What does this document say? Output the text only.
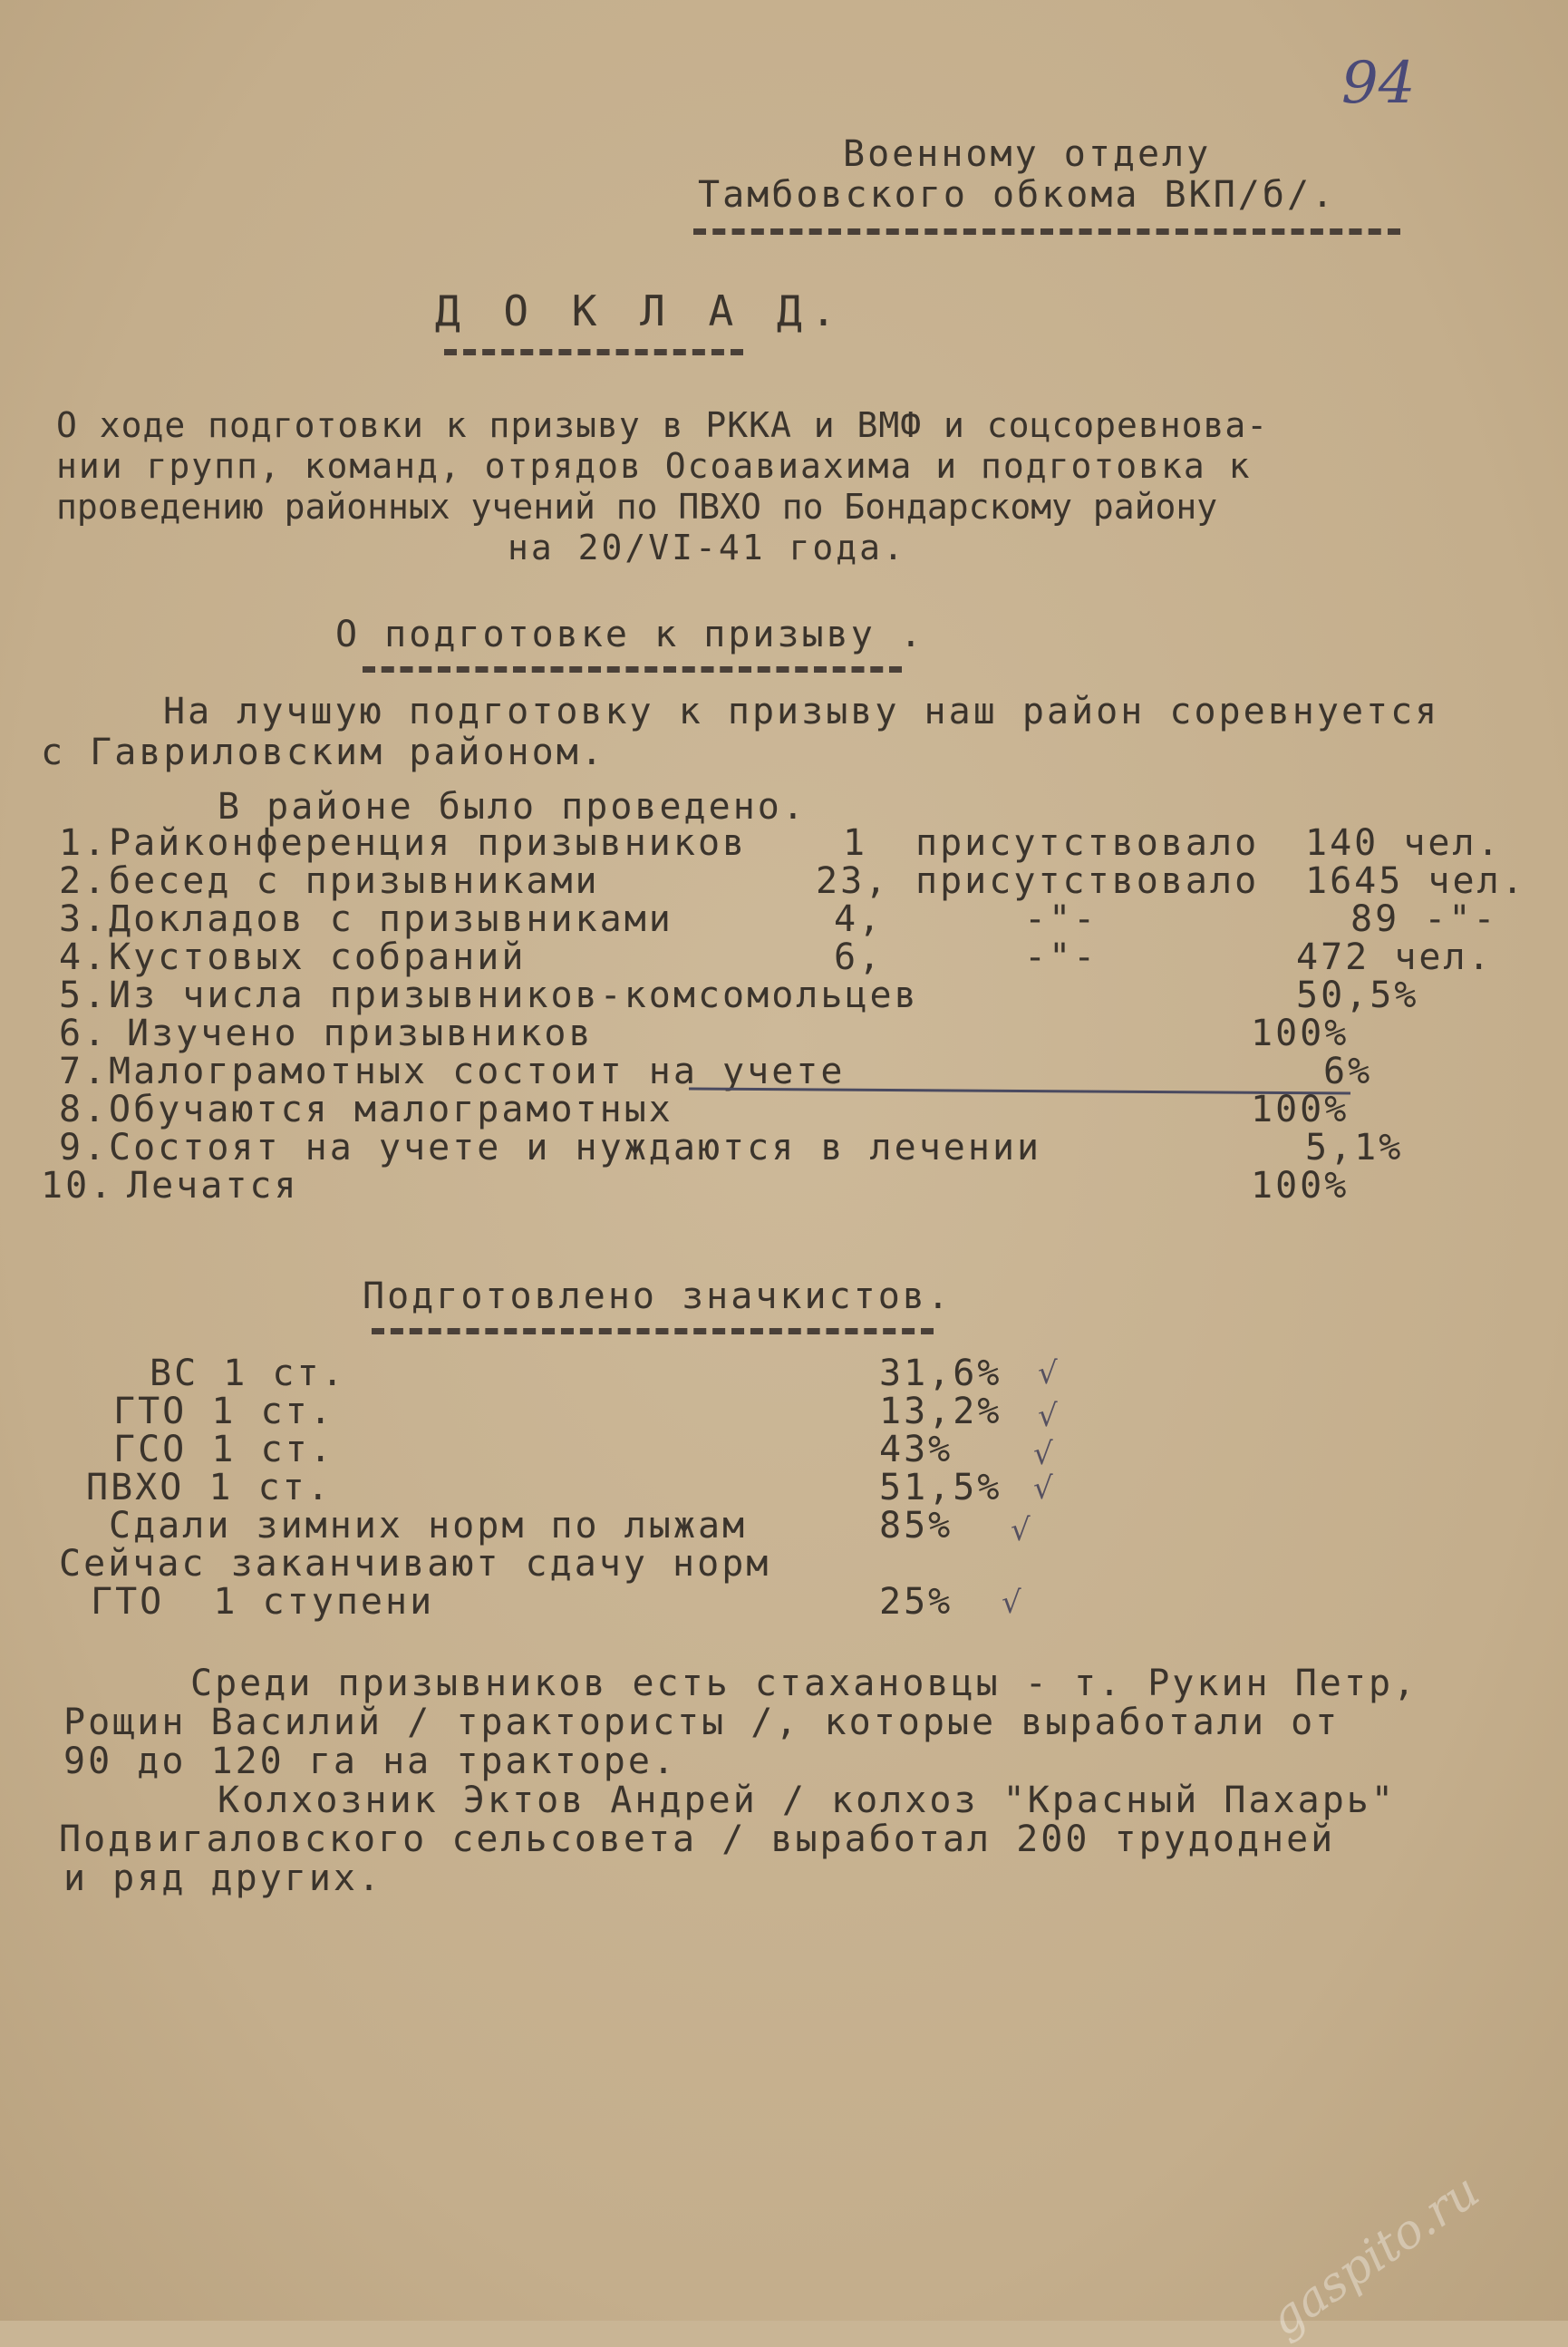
94
Военному отделу
Тамбовского обкома ВКП/б/.
Д О К Л А Д.
О ходе подготовки к призыву в РККА и ВМФ и соцсоревнова-
нии групп, команд, отрядов Осоавиахима и подготовка к
проведению районных учений по ПВХО по Бондарскому району
на 20/VI-41 года.
О подготовке к призыву .
На лучшую подготовку к призыву наш район соревнуется
с Гавриловским районом.
В районе было проведено.
1. Райконференция призывников	1 присутствовало 140 чел.
2. бесед с призывниками	23, присутствовало 1645 чел.
3. Докладов с призывниками	4,	-"-	89 -"-
4. Кустовых собраний	6,	-"-	472 чел.
5. Из числа призывников-комсомольцев	50,5%
6. Изучено призывников	100%
7. Малограмотных состоит на учете	6%
8. Обучаются малограмотных	100%
9. Состоят на учете и нуждаются в лечении	5,1%
10. Лечатся	100%
Подготовлено значкистов.
ВС 1 ст.	31,6% √
ГТО 1 ст.	13,2% √
ГСО 1 ст.	43%	√
ПВХО 1 ст.	51,5% √
Сдали зимних норм по лыжам	85% √
Сейчас заканчивают сдачу норм
ГТО  1 ступени	25% √
Среди призывников есть стахановцы - т. Рукин Петр,
Рощин Василий / трактористы /, которые выработали от
90 до 120 га на тракторе.
Колхозник Эктов Андрей / колхоз "Красный Пахарь"
Подвигаловского сельсовета / выработал 200 трудодней
и ряд других.
gaspito.ru
